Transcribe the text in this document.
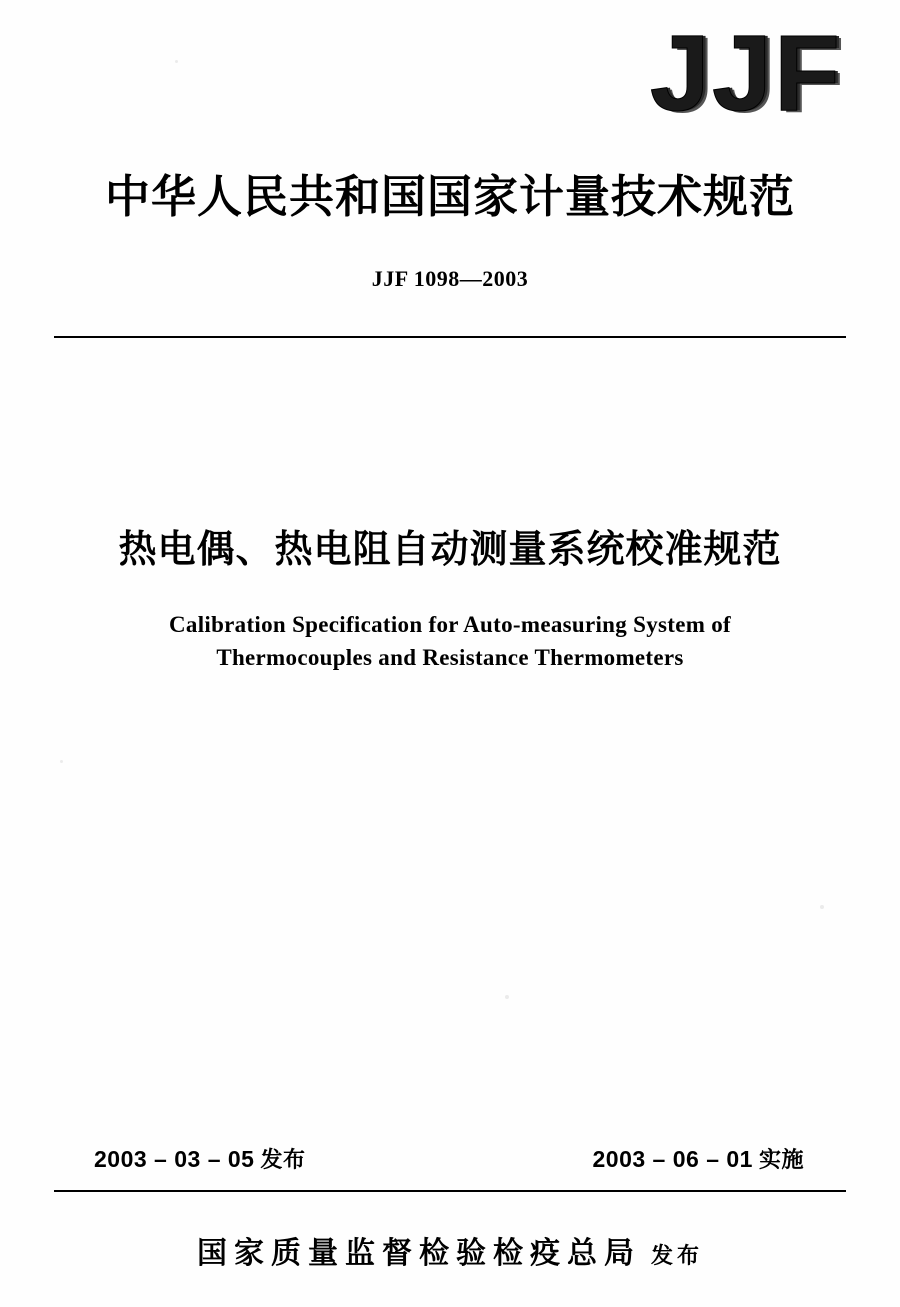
JJF
中华人民共和国国家计量技术规范
JJF 1098—2003
热电偶、热电阻自动测量系统校准规范
Calibration Specification for Auto-measuring System of
Thermocouples and Resistance Thermometers
2003 – 03 – 05 发布	2003 – 06 – 01 实施
国家质量监督检验检疫总局 发布
